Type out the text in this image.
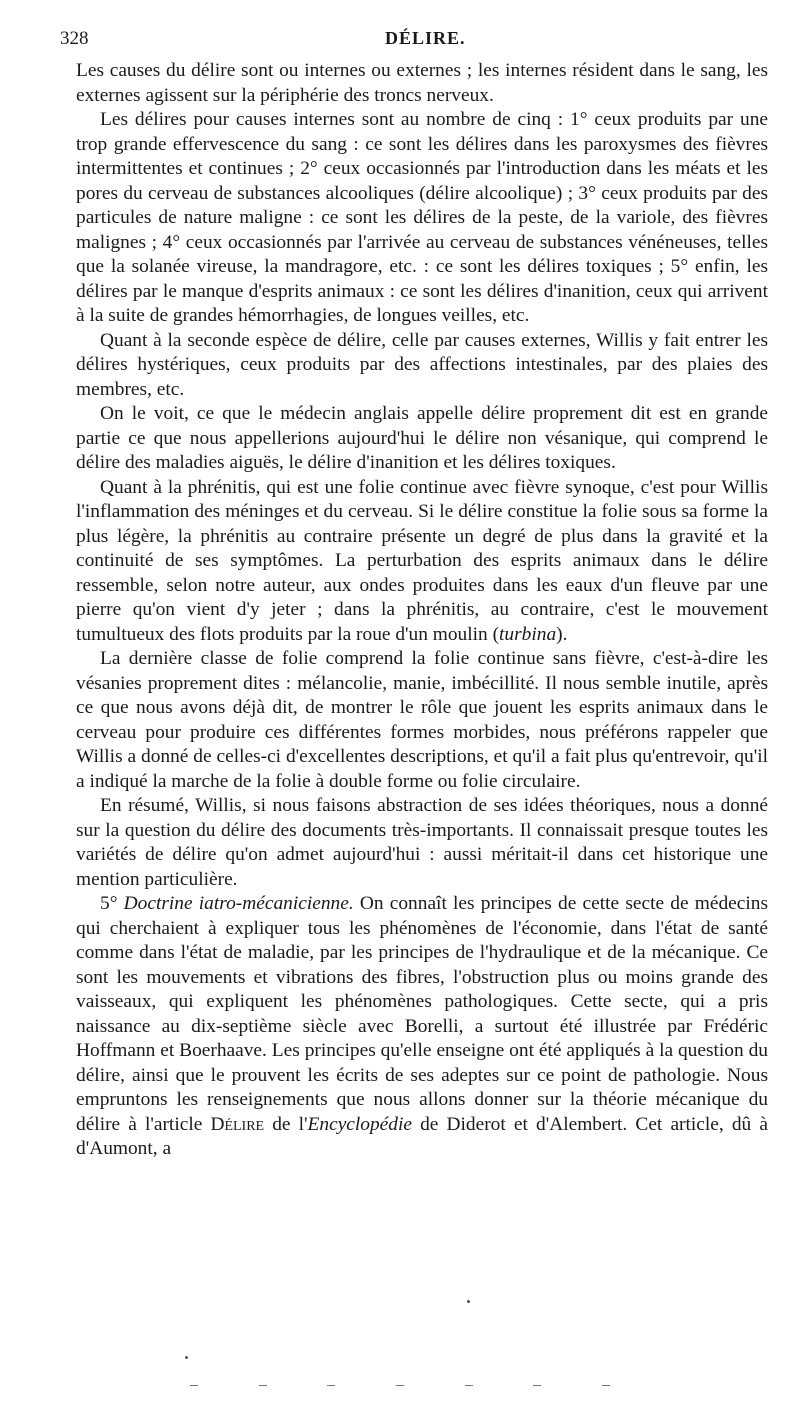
328	DÉLIRE.

Les causes du délire sont ou internes ou externes ; les internes résident dans le sang, les externes agissent sur la périphérie des troncs nerveux.

Les délires pour causes internes sont au nombre de cinq : 1° ceux produits par une trop grande effervescence du sang : ce sont les délires dans les paroxysmes des fièvres intermittentes et continues ; 2° ceux occasionnés par l'introduction dans les méats et les pores du cerveau de substances alcooliques (délire alcoolique) ; 3° ceux produits par des particules de nature maligne : ce sont les délires de la peste, de la variole, des fièvres malignes ; 4° ceux occasionnés par l'arrivée au cerveau de substances vénéneuses, telles que la solanée vireuse, la mandragore, etc. : ce sont les délires toxiques ; 5° enfin, les délires par le manque d'esprits animaux : ce sont les délires d'inanition, ceux qui arrivent à la suite de grandes hémorrhagies, de longues veilles, etc.

Quant à la seconde espèce de délire, celle par causes externes, Willis y fait entrer les délires hystériques, ceux produits par des affections intestinales, par des plaies des membres, etc.

On le voit, ce que le médecin anglais appelle délire proprement dit est en grande partie ce que nous appellerions aujourd'hui le délire non vésanique, qui comprend le délire des maladies aiguës, le délire d'inanition et les délires toxiques.

Quant à la phrénitis, qui est une folie continue avec fièvre synoque, c'est pour Willis l'inflammation des méninges et du cerveau. Si le délire constitue la folie sous sa forme la plus légère, la phrénitis au contraire présente un degré de plus dans la gravité et la continuité de ses symptômes. La perturbation des esprits animaux dans le délire ressemble, selon notre auteur, aux ondes produites dans les eaux d'un fleuve par une pierre qu'on vient d'y jeter ; dans la phrénitis, au contraire, c'est le mouvement tumultueux des flots produits par la roue d'un moulin (turbina).

La dernière classe de folie comprend la folie continue sans fièvre, c'est-à-dire les vésanies proprement dites : mélancolie, manie, imbécillité. Il nous semble inutile, après ce que nous avons déjà dit, de montrer le rôle que jouent les esprits animaux dans le cerveau pour produire ces différentes formes morbides, nous préférons rappeler que Willis a donné de celles-ci d'excellentes descriptions, et qu'il a fait plus qu'entrevoir, qu'il a indiqué la marche de la folie à double forme ou folie circulaire.

En résumé, Willis, si nous faisons abstraction de ses idées théoriques, nous a donné sur la question du délire des documents très-importants. Il connaissait presque toutes les variétés de délire qu'on admet aujourd'hui : aussi méritait-il dans cet historique une mention particulière.

5° Doctrine iatro-mécanicienne. On connaît les principes de cette secte de médecins qui cherchaient à expliquer tous les phénomènes de l'économie, dans l'état de santé comme dans l'état de maladie, par les principes de l'hydraulique et de la mécanique. Ce sont les mouvements et vibrations des fibres, l'obstruction plus ou moins grande des vaisseaux, qui expliquent les phénomènes pathologiques. Cette secte, qui a pris naissance au dix-septième siècle avec Borelli, a surtout été illustrée par Frédéric Hoffmann et Boerhaave. Les principes qu'elle enseigne ont été appliqués à la question du délire, ainsi que le prouvent les écrits de ses adeptes sur ce point de pathologie. Nous empruntons les renseignements que nous allons donner sur la théorie mécanique du délire à l'article Délire de l'Encyclopédie de Diderot et d'Alembert. Cet article, dû à d'Aumont, a
